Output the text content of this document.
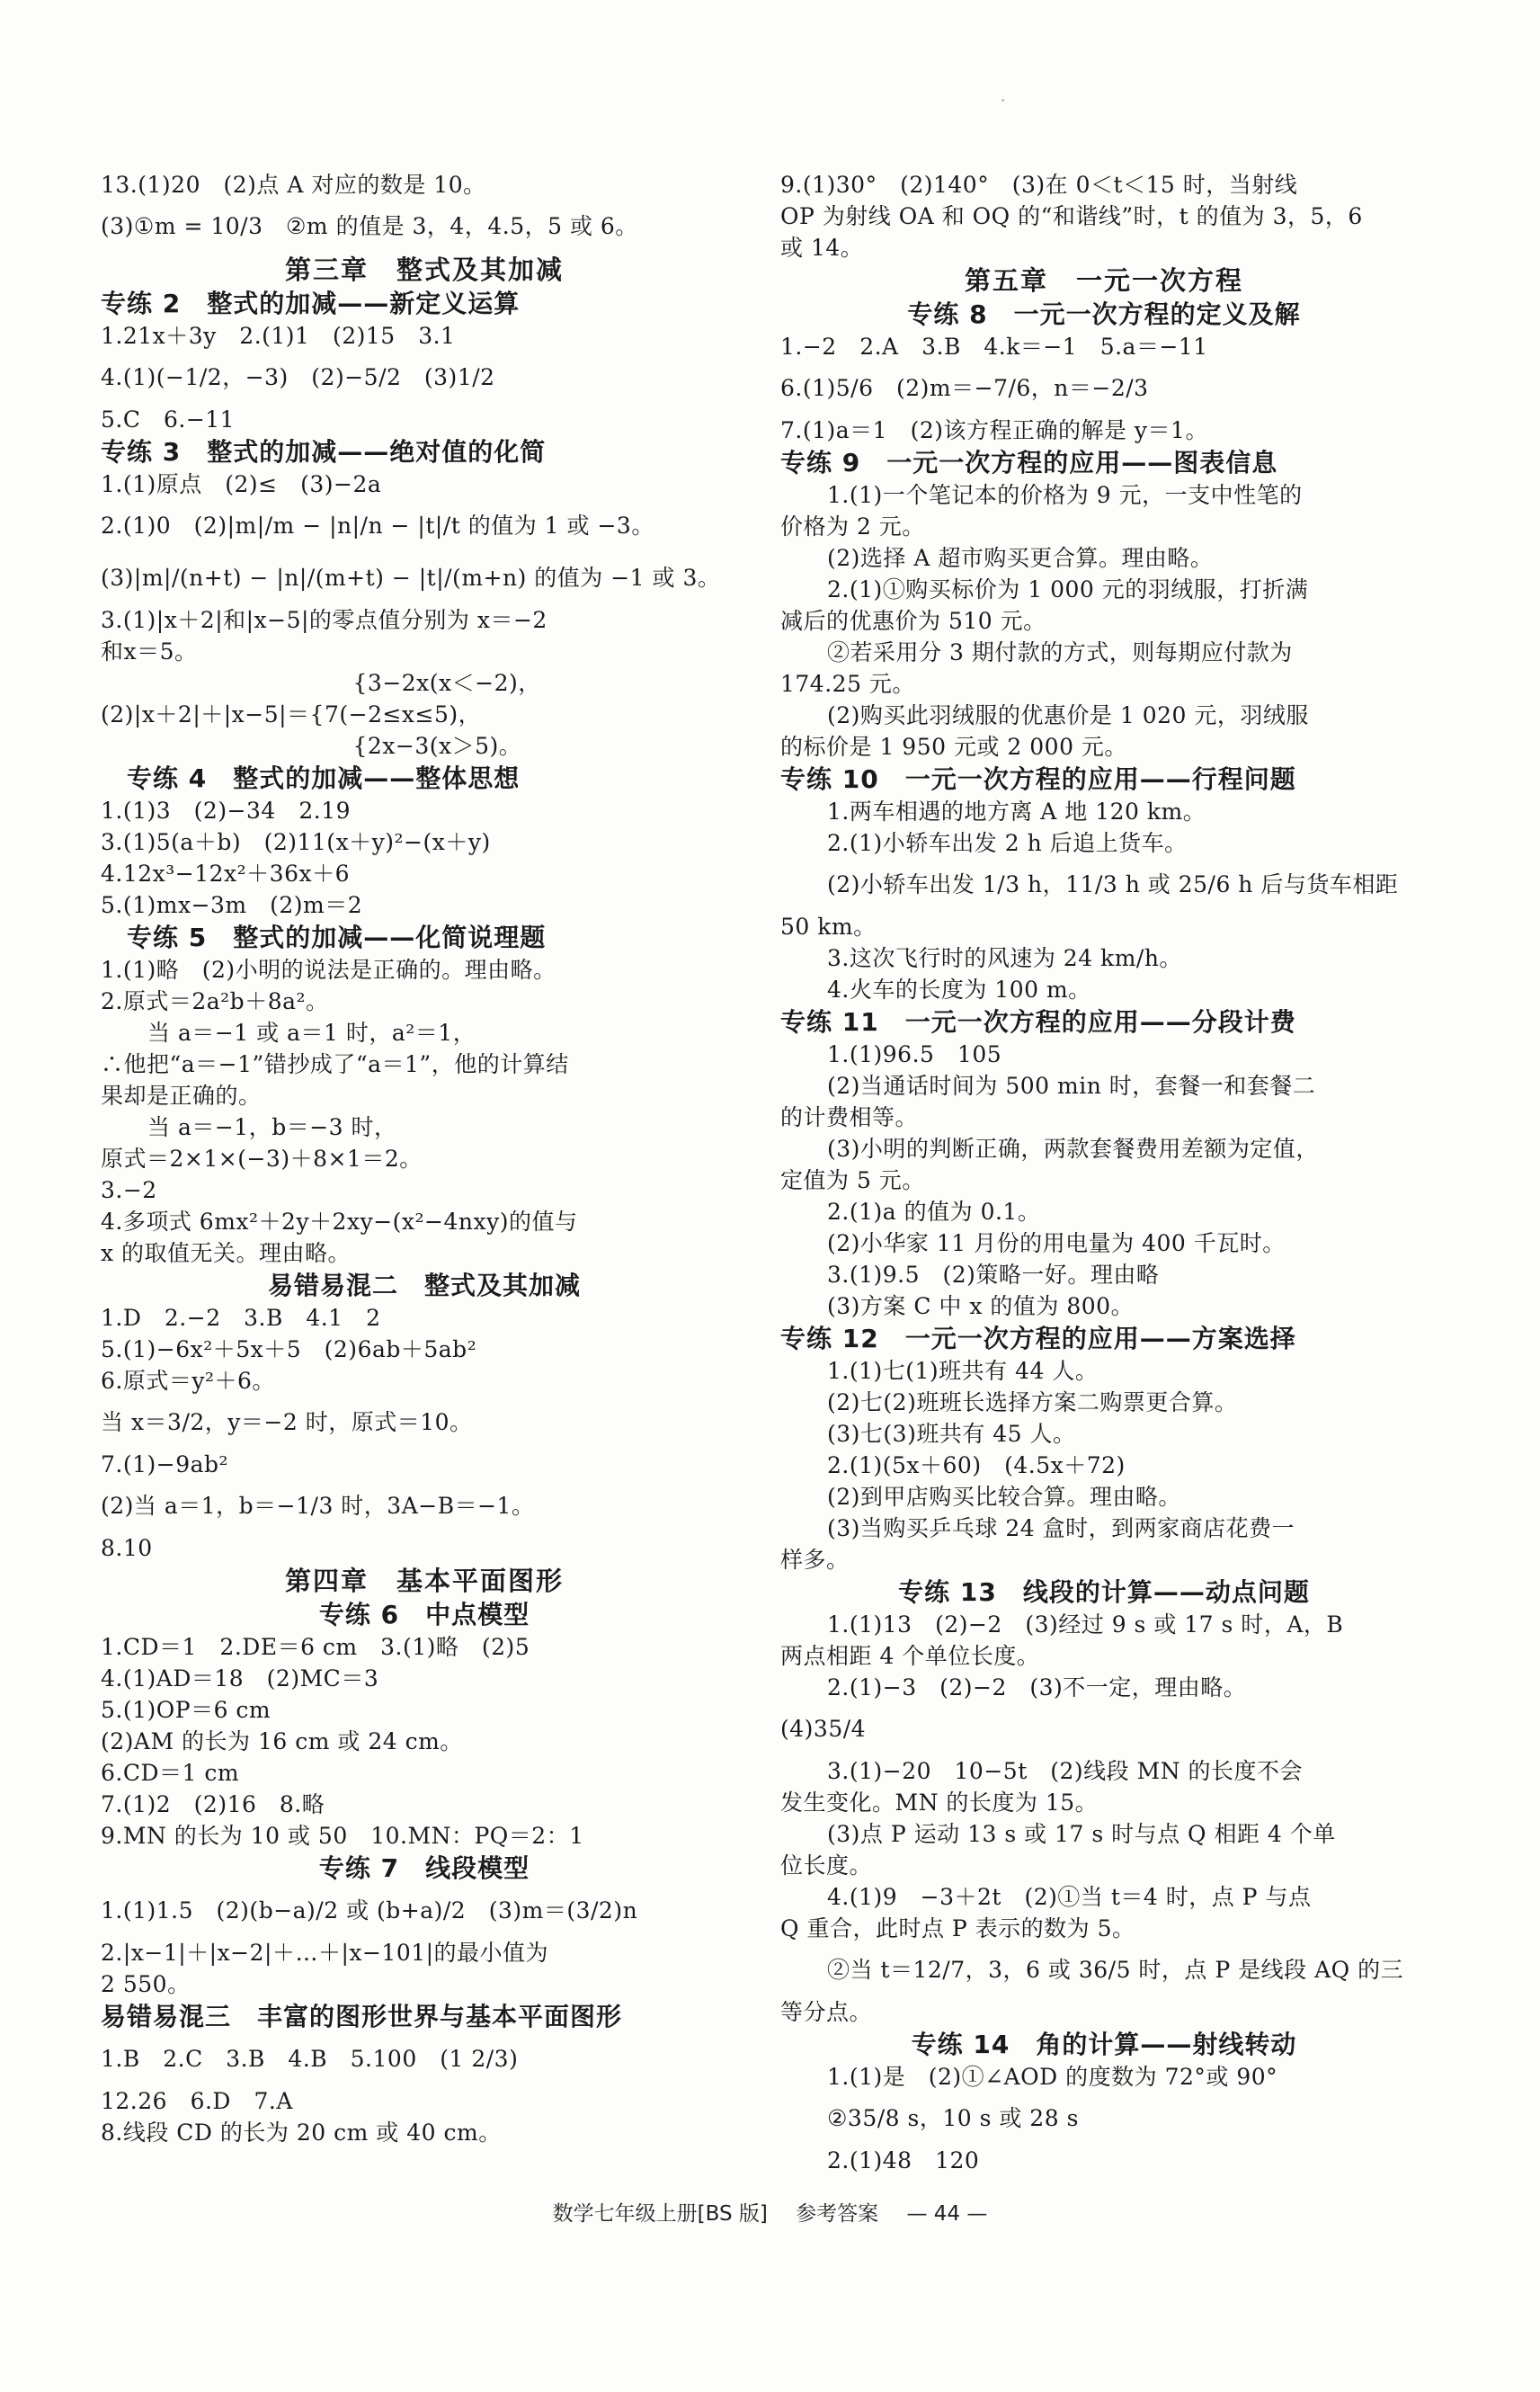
13.(1)20　(2)点 A 对应的数是 10。
(3)①m = 10/3　②m 的值是 3，4，4.5，5 或 6。
第三章　整式及其加减
专练 2　整式的加减——新定义运算
1.21x＋3y　2.(1)1　(2)15　3.1
4.(1)(−1/2，−3)　(2)−5/2　(3)1/2
5.C　6.−11
专练 3　整式的加减——绝对值的化简
1.(1)原点　(2)≤　(3)−2a
2.(1)0　(2)|m|/m − |n|/n − |t|/t 的值为 1 或 −3。
(3)|m|/(n+t) − |n|/(m+t) − |t|/(m+n) 的值为 −1 或 3。
3.(1)|x＋2|和|x−5|的零点值分别为 x＝−2
和x＝5。
　　　　　　　　　　　{3−2x(x＜−2)，
(2)|x＋2|＋|x−5|＝{7(−2≤x≤5)，
　　　　　　　　　　　{2x−3(x＞5)。
　专练 4　整式的加减——整体思想
1.(1)3　(2)−34　2.19
3.(1)5(a＋b)　(2)11(x＋y)²−(x＋y)
4.12x³−12x²＋36x＋6
5.(1)mx−3m　(2)m＝2
　专练 5　整式的加减——化简说理题
1.(1)略　(2)小明的说法是正确的。理由略。
2.原式＝2a²b＋8a²。
当 a＝−1 或 a＝1 时，a²＝1，
∴他把“a＝−1”错抄成了“a＝1”，他的计算结
果却是正确的。
当 a＝−1，b＝−3 时，
原式＝2×1×(−3)＋8×1＝2。
3.−2
4.多项式 6mx²＋2y＋2xy−(x²−4nxy)的值与
x 的取值无关。理由略。
易错易混二　整式及其加减
1.D　2.−2　3.B　4.1　2
5.(1)−6x²＋5x＋5　(2)6ab＋5ab²
6.原式＝y²＋6。
当 x＝3/2，y＝−2 时，原式＝10。
7.(1)−9ab²
(2)当 a＝1，b＝−1/3 时，3A−B＝−1。
8.10
第四章　基本平面图形
专练 6　中点模型
1.CD＝1　2.DE＝6 cm　3.(1)略　(2)5
4.(1)AD＝18　(2)MC＝3
5.(1)OP＝6 cm
(2)AM 的长为 16 cm 或 24 cm。
6.CD＝1 cm
7.(1)2　(2)16　8.略
9.MN 的长为 10 或 50　10.MN：PQ＝2：1
专练 7　线段模型
1.(1)1.5　(2)(b−a)/2 或 (b+a)/2　(3)m＝(3/2)n
2.|x−1|＋|x−2|＋…＋|x−101|的最小值为
2 550。
易错易混三　丰富的图形世界与基本平面图形
1.B　2.C　3.B　4.B　5.100　(1 2/3)
12.26　6.D　7.A
8.线段 CD 的长为 20 cm 或 40 cm。
9.(1)30°　(2)140°　(3)在 0＜t＜15 时，当射线
OP 为射线 OA 和 OQ 的“和谐线”时，t 的值为 3，5，6
或 14。
第五章　一元一次方程
专练 8　一元一次方程的定义及解
1.−2　2.A　3.B　4.k＝−1　5.a＝−11
6.(1)5/6　(2)m＝−7/6，n＝−2/3
7.(1)a＝1　(2)该方程正确的解是 y＝1。
专练 9　一元一次方程的应用——图表信息
1.(1)一个笔记本的价格为 9 元，一支中性笔的
价格为 2 元。
(2)选择 A 超市购买更合算。理由略。
2.(1)①购买标价为 1 000 元的羽绒服，打折满
减后的优惠价为 510 元。
②若采用分 3 期付款的方式，则每期应付款为
174.25 元。
(2)购买此羽绒服的优惠价是 1 020 元，羽绒服
的标价是 1 950 元或 2 000 元。
专练 10　一元一次方程的应用——行程问题
1.两车相遇的地方离 A 地 120 km。
2.(1)小轿车出发 2 h 后追上货车。
(2)小轿车出发 1/3 h，11/3 h 或 25/6 h 后与货车相距
50 km。
3.这次飞行时的风速为 24 km/h。
4.火车的长度为 100 m。
专练 11　一元一次方程的应用——分段计费
1.(1)96.5　105
(2)当通话时间为 500 min 时，套餐一和套餐二
的计费相等。
(3)小明的判断正确，两款套餐费用差额为定值，
定值为 5 元。
2.(1)a 的值为 0.1。
(2)小华家 11 月份的用电量为 400 千瓦时。
3.(1)9.5　(2)策略一好。理由略
(3)方案 C 中 x 的值为 800。
专练 12　一元一次方程的应用——方案选择
1.(1)七(1)班共有 44 人。
(2)七(2)班班长选择方案二购票更合算。
(3)七(3)班共有 45 人。
2.(1)(5x＋60)　(4.5x＋72)
(2)到甲店购买比较合算。理由略。
(3)当购买乒乓球 24 盒时，到两家商店花费一
样多。
专练 13　线段的计算——动点问题
1.(1)13　(2)−2　(3)经过 9 s 或 17 s 时，A，B
两点相距 4 个单位长度。
2.(1)−3　(2)−2　(3)不一定，理由略。
(4)35/4
3.(1)−20　10−5t　(2)线段 MN 的长度不会
发生变化。MN 的长度为 15。
(3)点 P 运动 13 s 或 17 s 时与点 Q 相距 4 个单
位长度。
4.(1)9　−3＋2t　(2)①当 t＝4 时，点 P 与点
Q 重合，此时点 P 表示的数为 5。
②当 t＝12/7，3，6 或 36/5 时，点 P 是线段 AQ 的三
等分点。
专练 14　角的计算——射线转动
1.(1)是　(2)①∠AOD 的度数为 72°或 90°
②35/8 s，10 s 或 28 s
2.(1)48　120
数学七年级上册[BS 版] 参考答案 — 44 —
